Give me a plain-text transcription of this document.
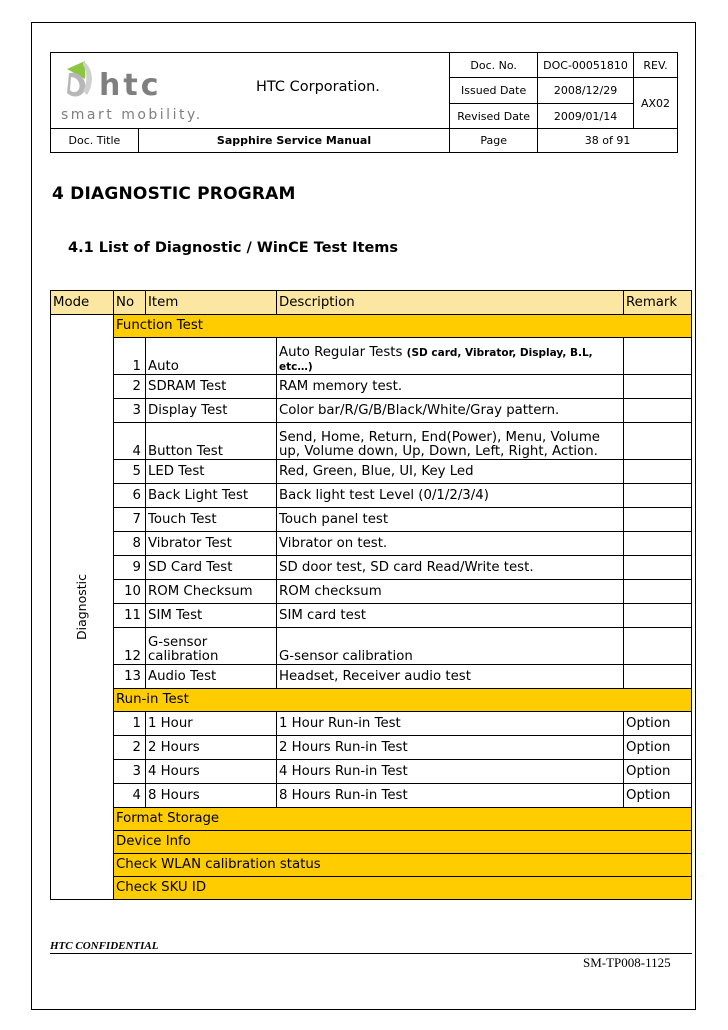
htc
smart mobility.
HTC Corporation.		Doc. No.	DOC-00051810	REV.
		Issued Date	2008/12/29	AX02
		Revised Date	2009/01/14	
Doc. Title	Sapphire Service Manual	Page	38 of 91	
4 DIAGNOSTIC PROGRAM
4.1 List of Diagnostic / WinCE Test Items
Mode	No	Item	Description	Remark

Diagnostic	Function Test			
	1	Auto	Auto Regular Tests (SD card, Vibrator, Display, B.L, etc…)	
	2	SDRAM Test	RAM memory test.	
	3	Display Test	Color bar/R/G/B/Black/White/Gray pattern.	
	4	Button Test	Send, Home, Return, End(Power), Menu, Volume up, Volume down, Up, Down, Left, Right, Action.	
	5	LED Test	Red, Green, Blue, UI, Key Led	
	6	Back Light Test	Back light test Level (0/1/2/3/4)	
	7	Touch Test	Touch panel test	
	8	Vibrator Test	Vibrator on test.	
	9	SD Card Test	SD door test, SD card Read/Write test.	
	10	ROM Checksum	ROM checksum	
	11	SIM Test	SIM card test	
	12	G-sensor calibration	G-sensor calibration	
	13	Audio Test	Headset, Receiver audio test	
	Run-in Test			
	1	1 Hour	1 Hour Run-in Test	Option
	2	2 Hours	2 Hours Run-in Test	Option
	3	4 Hours	4 Hours Run-in Test	Option
	4	8 Hours	8 Hours Run-in Test	Option
	Format Storage			
	Device Info			
	Check WLAN calibration status			
	Check SKU ID			
HTC CONFIDENTIAL
SM-TP008-1125
